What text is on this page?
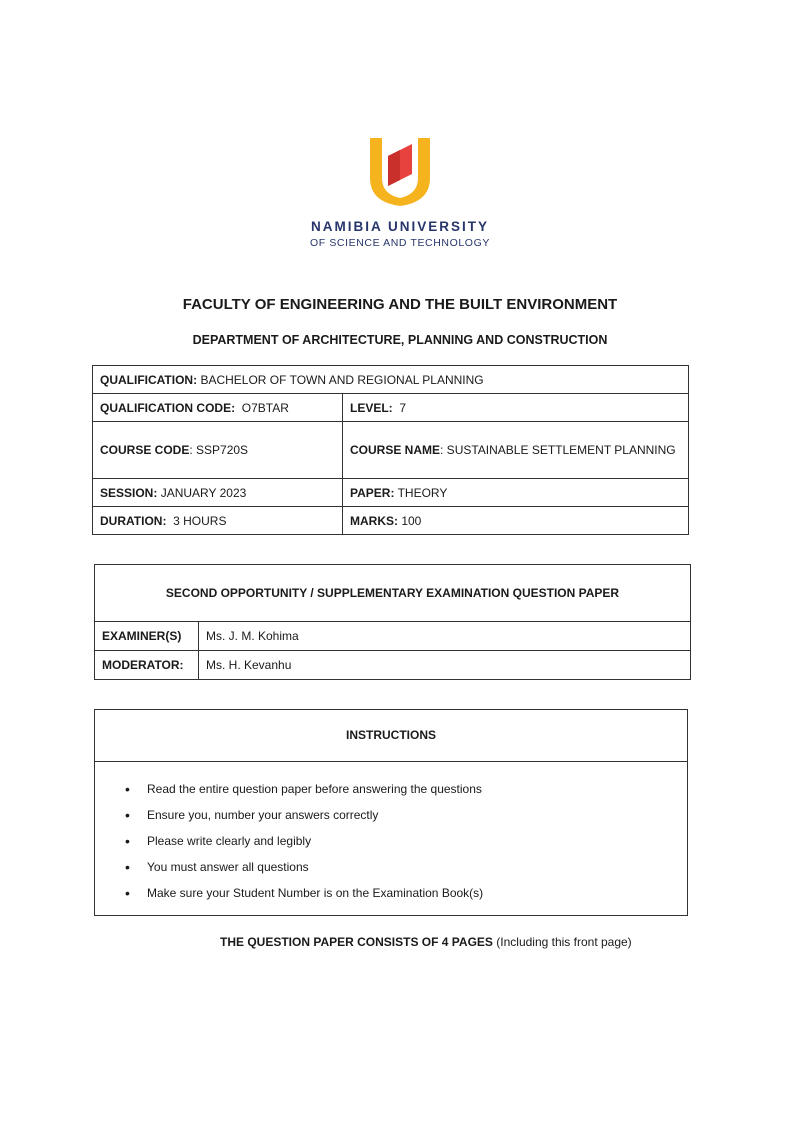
NAMIBIA UNIVERSITY
OF SCIENCE AND TECHNOLOGY
FACULTY OF ENGINEERING AND THE BUILT ENVIRONMENT
DEPARTMENT OF ARCHITECTURE, PLANNING AND CONSTRUCTION
QUALIFICATION: BACHELOR OF TOWN AND REGIONAL PLANNING	
QUALIFICATION CODE:  O7BTAR	LEVEL:  7
COURSE CODE: SSP720S	COURSE NAME: SUSTAINABLE SETTLEMENT PLANNING
SESSION: JANUARY 2023	PAPER: THEORY
DURATION:  3 HOURS	MARKS: 100
SECOND OPPORTUNITY / SUPPLEMENTARY EXAMINATION QUESTION PAPER	
EXAMINER(S)	Ms. J. M. Kohima
MODERATOR:	Ms. H. Kevanhu
INSTRUCTIONS
• Read the entire question paper before answering the questions
• Ensure you, number your answers correctly
• Please write clearly and legibly
• You must answer all questions
• Make sure your Student Number is on the Examination Book(s)
THE QUESTION PAPER CONSISTS OF 4 PAGES (Including this front page)
